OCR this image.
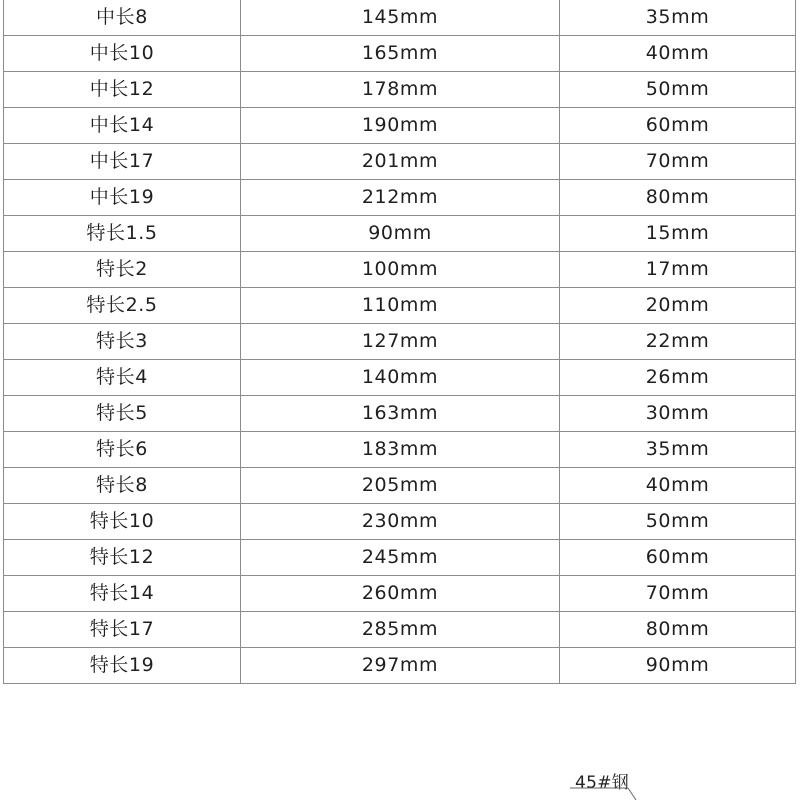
中长8	145mm	35mm
中长10	165mm	40mm
中长12	178mm	50mm
中长14	190mm	60mm
中长17	201mm	70mm
中长19	212mm	80mm
特长1.5	90mm	15mm
特长2	100mm	17mm
特长2.5	110mm	20mm
特长3	127mm	22mm
特长4	140mm	26mm
特长5	163mm	30mm
特长6	183mm	35mm
特长8	205mm	40mm
特长10	230mm	50mm
特长12	245mm	60mm
特长14	260mm	70mm
特长17	285mm	80mm
特长19	297mm	90mm
45#钢
